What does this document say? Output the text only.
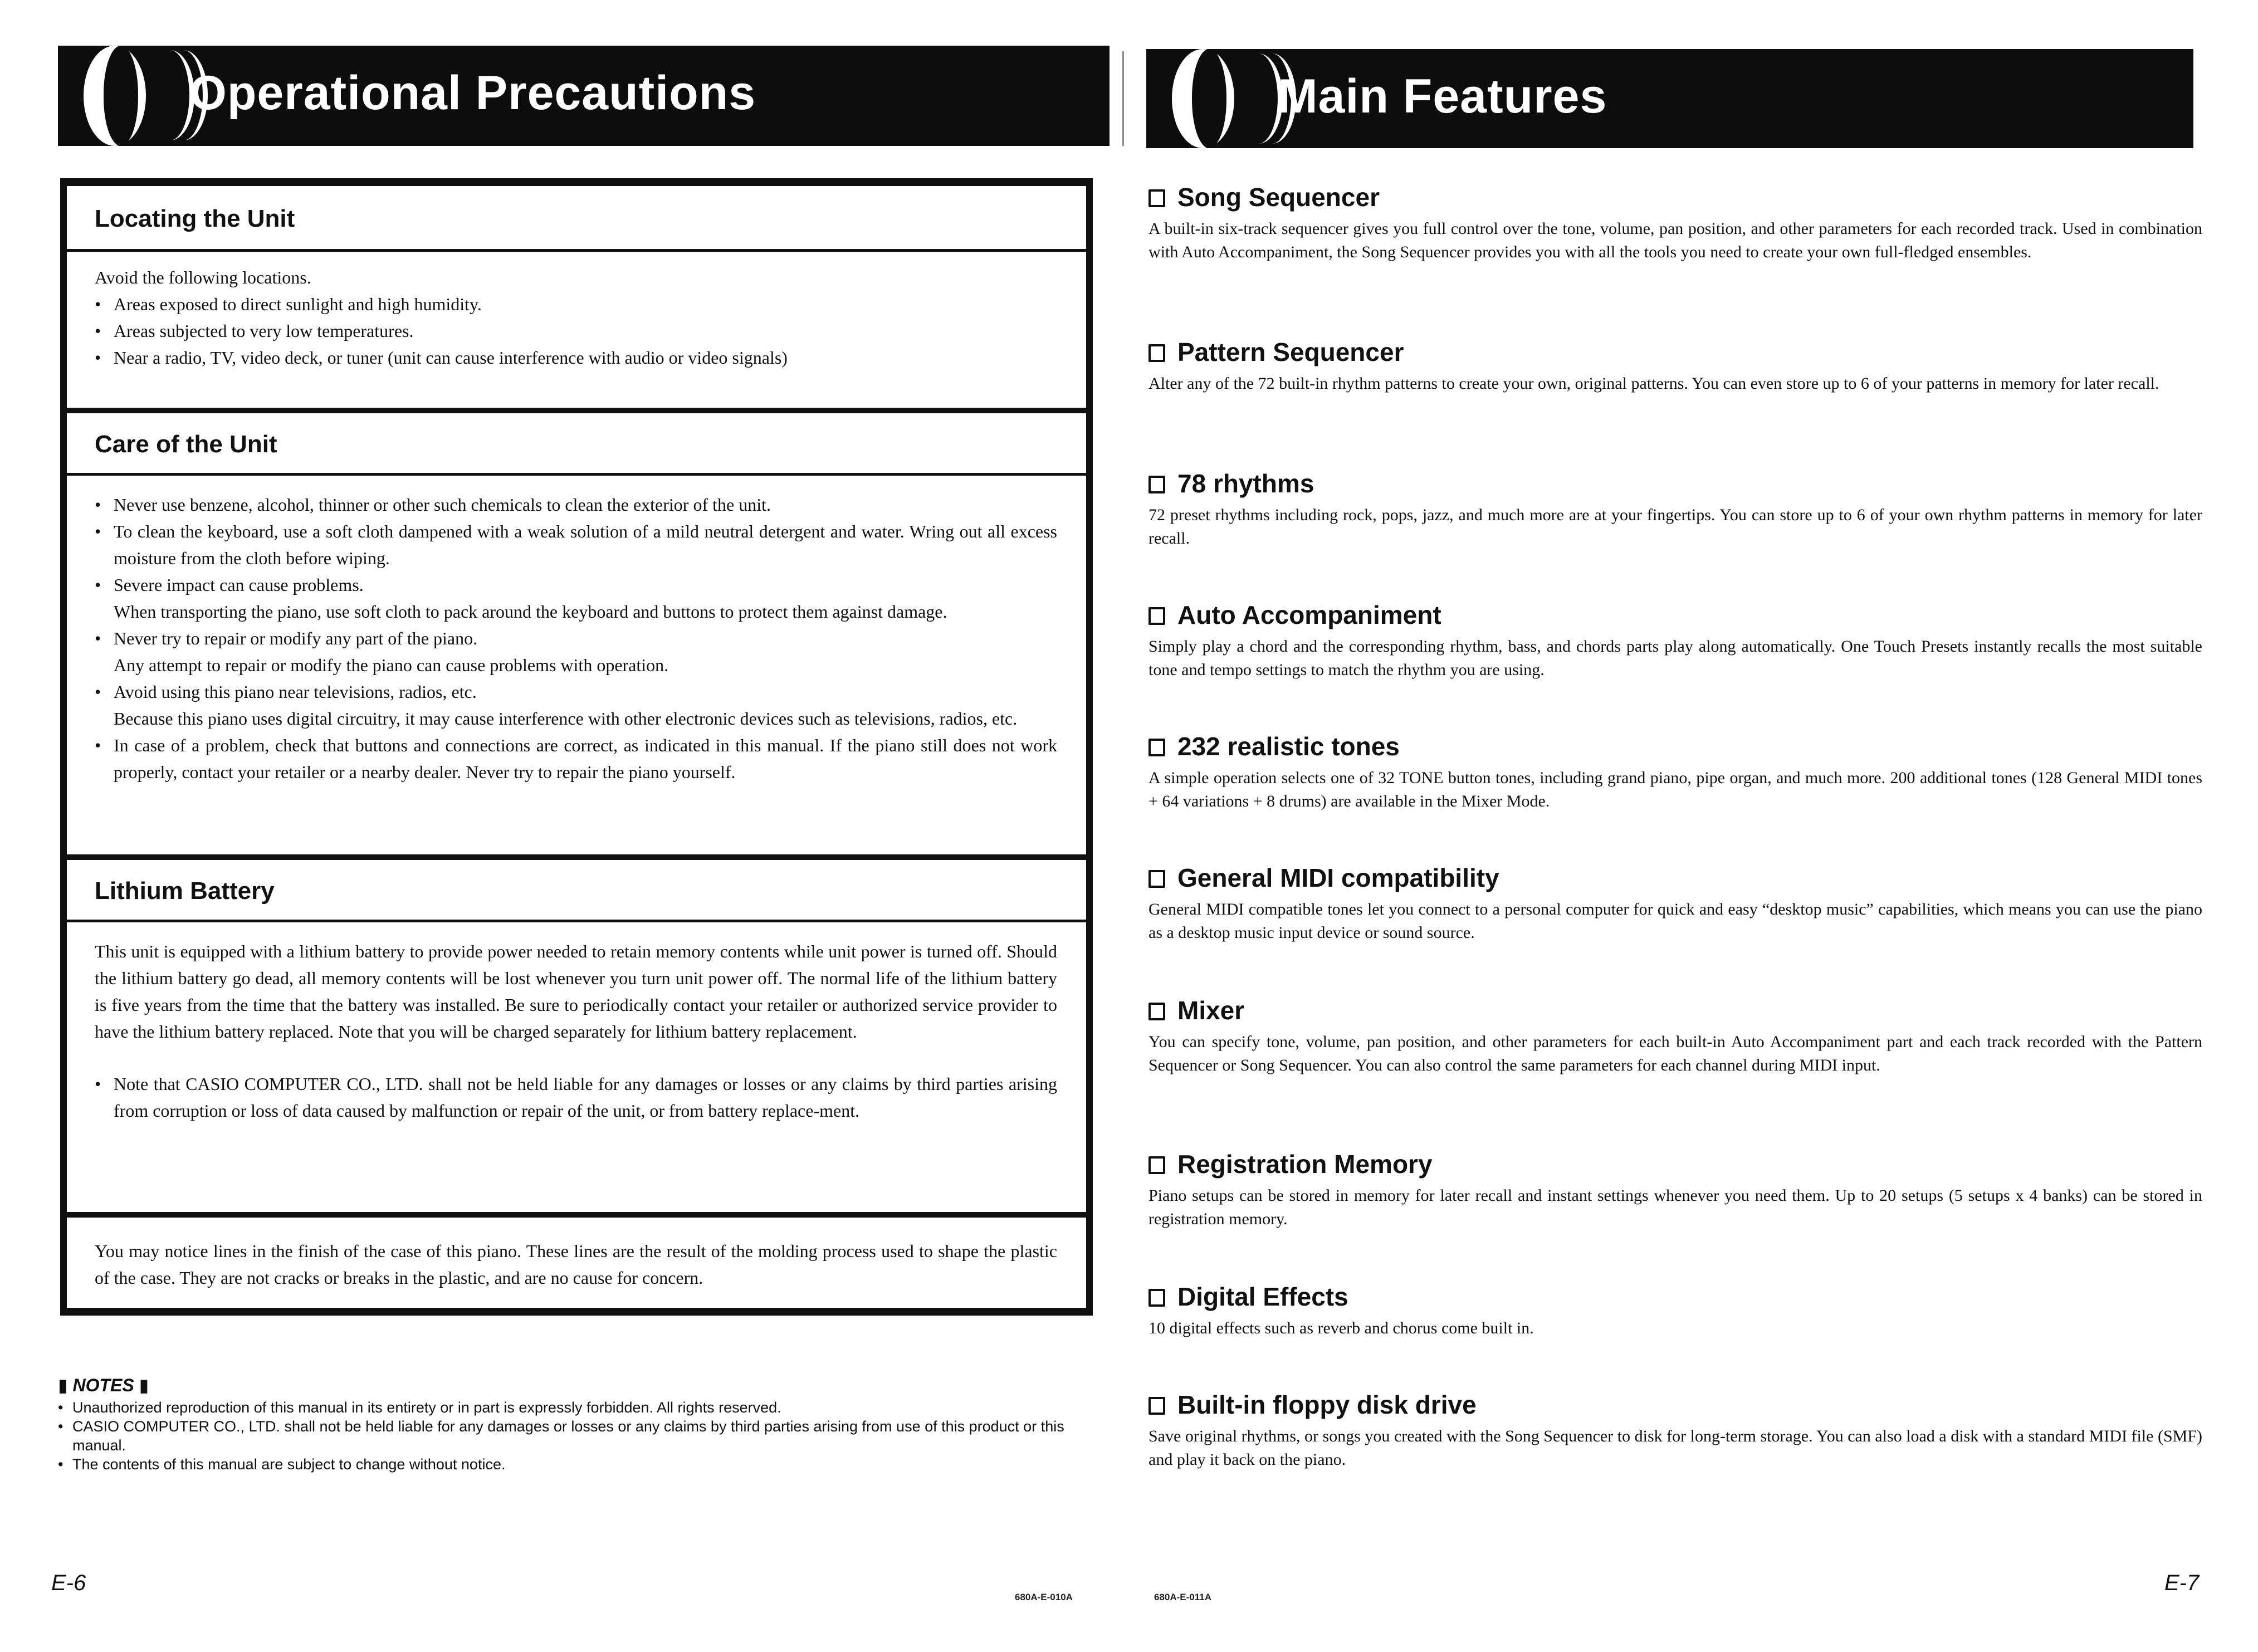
Operational Precautions
Locating the Unit

Avoid the following locations.

• Areas exposed to direct sunlight and high humidity.
• Areas subjected to very low temperatures.
• Near a radio, TV, video deck, or tuner (unit can cause interference with audio or video signals)
Care of the Unit
• Never use benzene, alcohol, thinner or other such chemicals to clean the exterior of the unit.
• To clean the keyboard, use a soft cloth dampened with a weak solution of a mild neutral detergent and water. Wring out all excess moisture from the cloth before wiping.
• Severe impact can cause problems.
When transporting the piano, use soft cloth to pack around the keyboard and buttons to protect them against damage.
• Never try to repair or modify any part of the piano.
Any attempt to repair or modify the piano can cause problems with operation.
• Avoid using this piano near televisions, radios, etc.
Because this piano uses digital circuitry, it may cause interference with other electronic devices such as televisions, radios, etc.
• In case of a problem, check that buttons and connections are correct, as indicated in this manual. If the piano still does not work properly, contact your retailer or a nearby dealer. Never try to repair the piano yourself.
Lithium Battery

This unit is equipped with a lithium battery to provide power needed to retain memory contents while unit power is turned off. Should the lithium battery go dead, all memory contents will be lost whenever you turn unit power off. The normal life of the lithium battery is five years from the time that the battery was installed. Be sure to periodically contact your retailer or authorized service provider to have the lithium battery replaced. Note that you will be charged separately for lithium battery replacement.

• Note that CASIO COMPUTER CO., LTD. shall not be held liable for any damages or losses or any claims by third parties arising from corruption or loss of data caused by malfunction or repair of the unit, or from battery replace-ment.

You may notice lines in the finish of the case of this piano. These lines are the result of the molding process used to shape the plastic of the case. They are not cracks or breaks in the plastic, and are no cause for concern.

▮ NOTES ▮
• Unauthorized reproduction of this manual in its entirety or in part is expressly forbidden. All rights reserved.
• CASIO COMPUTER CO., LTD. shall not be held liable for any damages or losses or any claims by third parties arising from use of this product or this manual.
• The contents of this manual are subject to change without notice.
E-6
680A-E-010A
Main Features
Song Sequencer
A built-in six-track sequencer gives you full control over the tone, volume, pan position, and other parameters for each recorded track. Used in combination with Auto Accompaniment, the Song Sequencer provides you with all the tools you need to create your own full-fledged ensembles.
Pattern Sequencer
Alter any of the 72 built-in rhythm patterns to create your own, original patterns. You can even store up to 6 of your patterns in memory for later recall.
78 rhythms
72 preset rhythms including rock, pops, jazz, and much more are at your fingertips. You can store up to 6 of your own rhythm patterns in memory for later recall.
Auto Accompaniment
Simply play a chord and the corresponding rhythm, bass, and chords parts play along automatically. One Touch Presets instantly recalls the most suitable tone and tempo settings to match the rhythm you are using.
232 realistic tones
A simple operation selects one of 32 TONE button tones, including grand piano, pipe organ, and much more. 200 additional tones (128 General MIDI tones + 64 variations + 8 drums) are available in the Mixer Mode.
General MIDI compatibility
General MIDI compatible tones let you connect to a personal computer for quick and easy “desktop music” capabilities, which means you can use the piano as a desktop music input device or sound source.
Mixer
You can specify tone, volume, pan position, and other parameters for each built-in Auto Accompaniment part and each track recorded with the Pattern Sequencer or Song Sequencer. You can also control the same parameters for each channel during MIDI input.
Registration Memory
Piano setups can be stored in memory for later recall and instant settings whenever you need them. Up to 20 setups (5 setups x 4 banks) can be stored in registration memory.
Digital Effects
10 digital effects such as reverb and chorus come built in.
Built-in floppy disk drive
Save original rhythms, or songs you created with the Song Sequencer to disk for long-term storage. You can also load a disk with a standard MIDI file (SMF) and play it back on the piano.
680A-E-011A
E-7
